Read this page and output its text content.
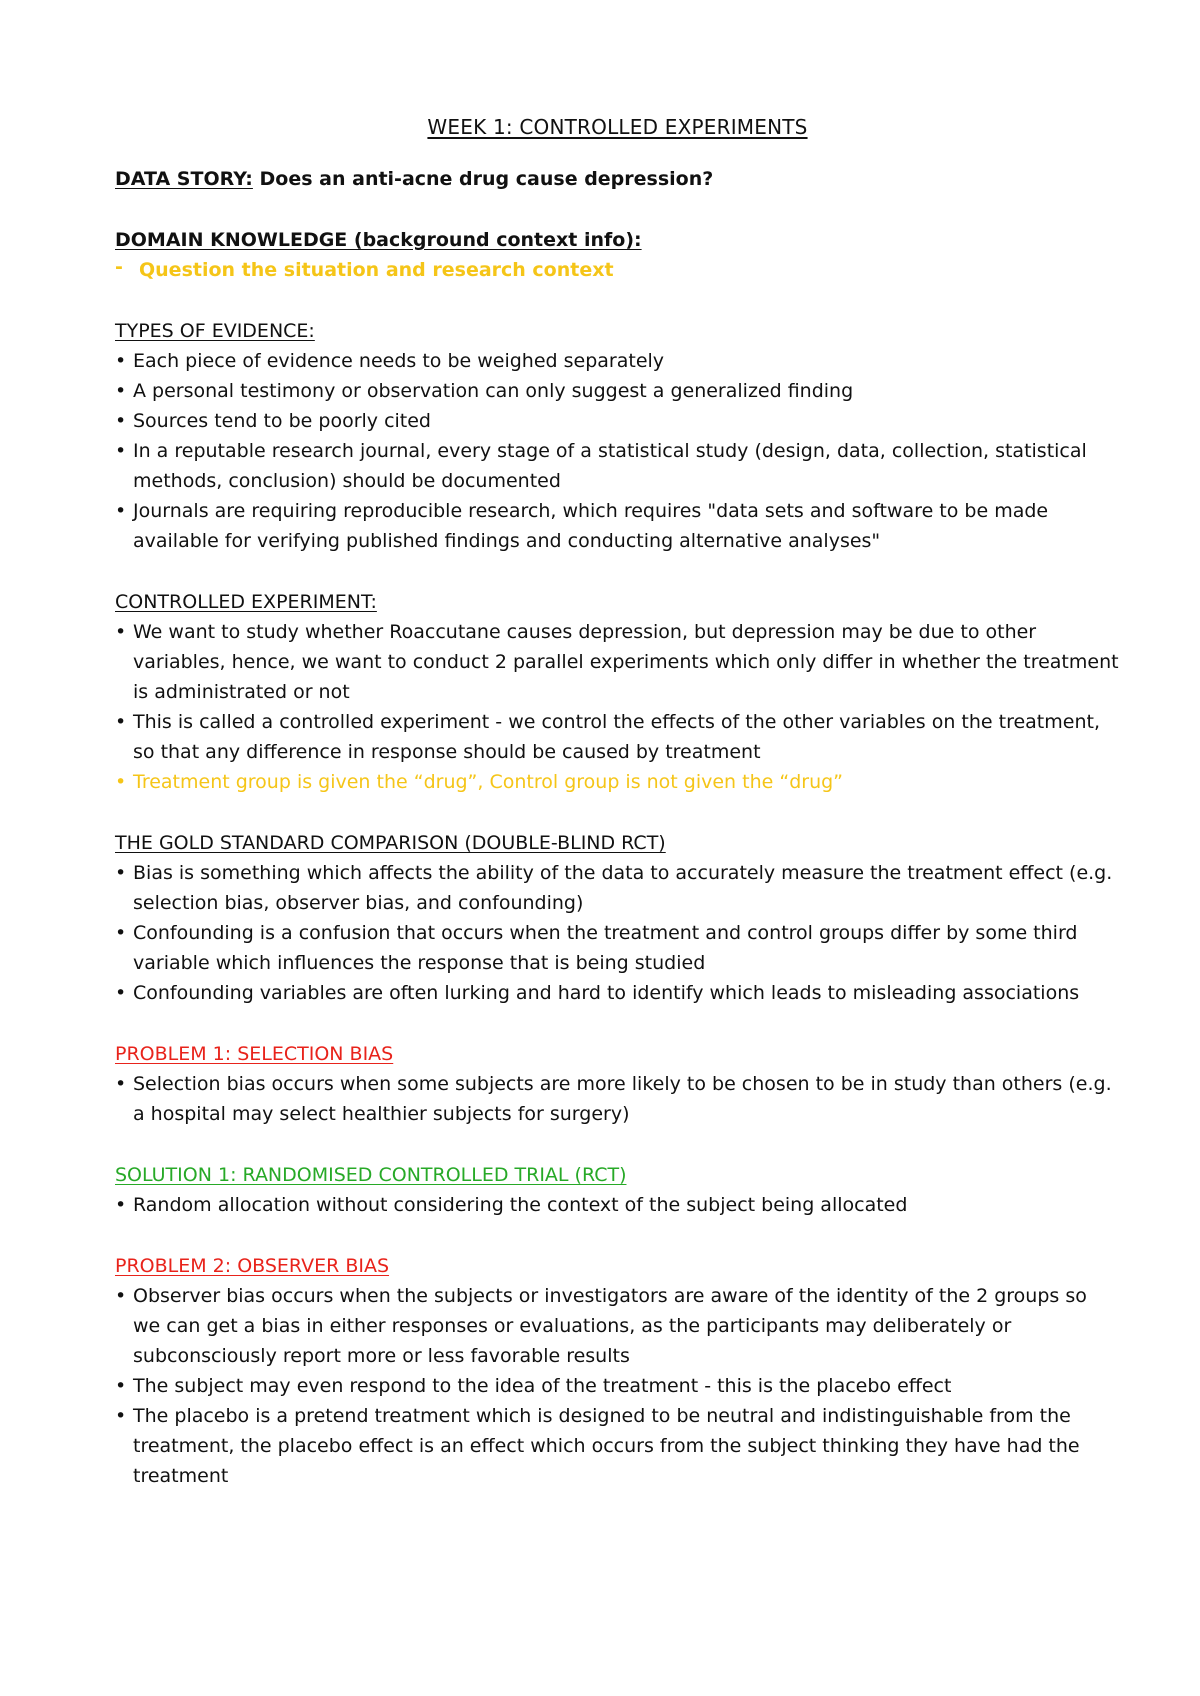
WEEK 1: CONTROLLED EXPERIMENTS

DATA STORY: Does an anti-acne drug cause depression?

DOMAIN KNOWLEDGE (background context info):

- Question the situation and research context

TYPES OF EVIDENCE:

• Each piece of evidence needs to be weighed separately
• A personal testimony or observation can only suggest a generalized finding
• Sources tend to be poorly cited
• In a reputable research journal, every stage of a statistical study (design, data, collection, statistical methods, conclusion) should be documented
• Journals are requiring reproducible research, which requires "data sets and software to be made available for verifying published findings and conducting alternative analyses"

CONTROLLED EXPERIMENT:

• We want to study whether Roaccutane causes depression, but depression may be due to other variables, hence, we want to conduct 2 parallel experiments which only differ in whether the treatment is administrated or not
• This is called a controlled experiment - we control the effects of the other variables on the treatment, so that any difference in response should be caused by treatment
• Treatment group is given the “drug”, Control group is not given the “drug”

THE GOLD STANDARD COMPARISON (DOUBLE-BLIND RCT)

• Bias is something which affects the ability of the data to accurately measure the treatment effect (e.g. selection bias, observer bias, and confounding)
• Confounding is a confusion that occurs when the treatment and control groups differ by some third variable which influences the response that is being studied
• Confounding variables are often lurking and hard to identify which leads to misleading associations

PROBLEM 1: SELECTION BIAS

• Selection bias occurs when some subjects are more likely to be chosen to be in study than others (e.g. a hospital may select healthier subjects for surgery)

SOLUTION 1: RANDOMISED CONTROLLED TRIAL (RCT)

• Random allocation without considering the context of the subject being allocated

PROBLEM 2: OBSERVER BIAS

• Observer bias occurs when the subjects or investigators are aware of the identity of the 2 groups so we can get a bias in either responses or evaluations, as the participants may deliberately or subconsciously report more or less favorable results
• The subject may even respond to the idea of the treatment - this is the placebo effect
• The placebo is a pretend treatment which is designed to be neutral and indistinguishable from the treatment, the placebo effect is an effect which occurs from the subject thinking they have had the treatment
